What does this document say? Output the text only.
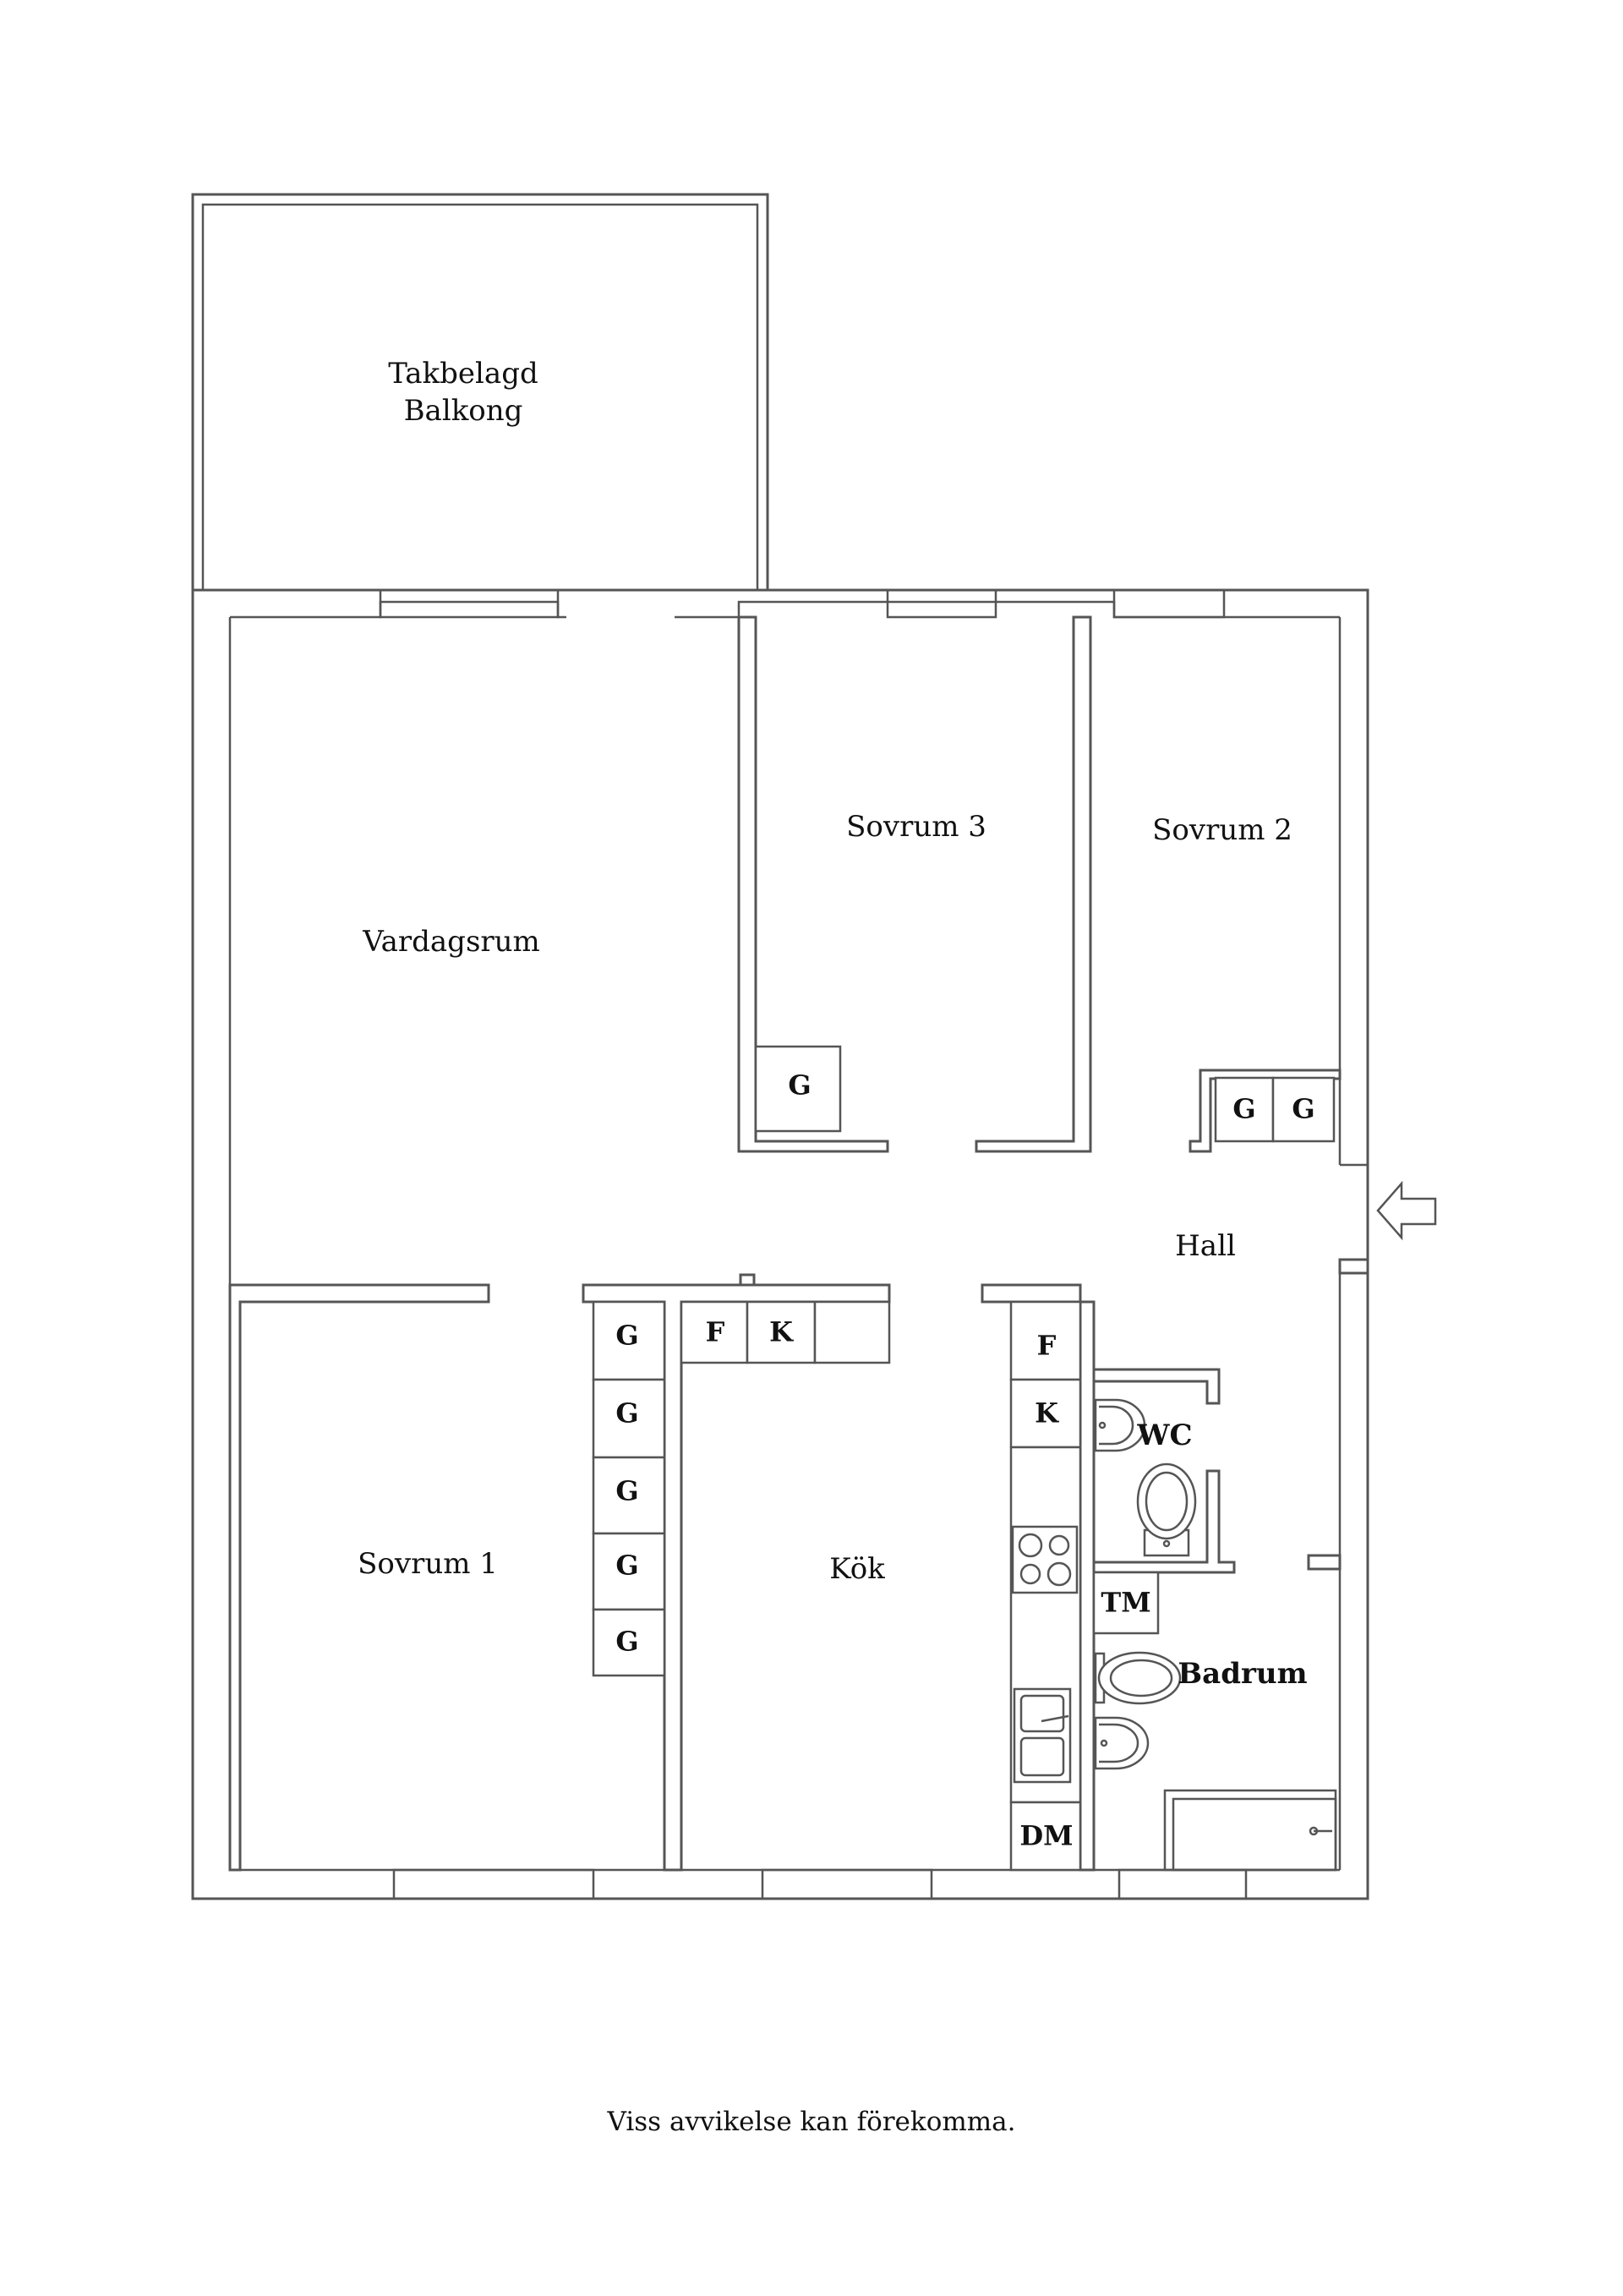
Takbelagd
Balkong
Vardagsrum
Sovrum 3	Sovrum 2
Sovrum 1	Kök
Hall
WC
Badrum
G
G G
G
G
G
G
G
F K	F
K
TM
DM
Viss avvikelse kan förekomma.
